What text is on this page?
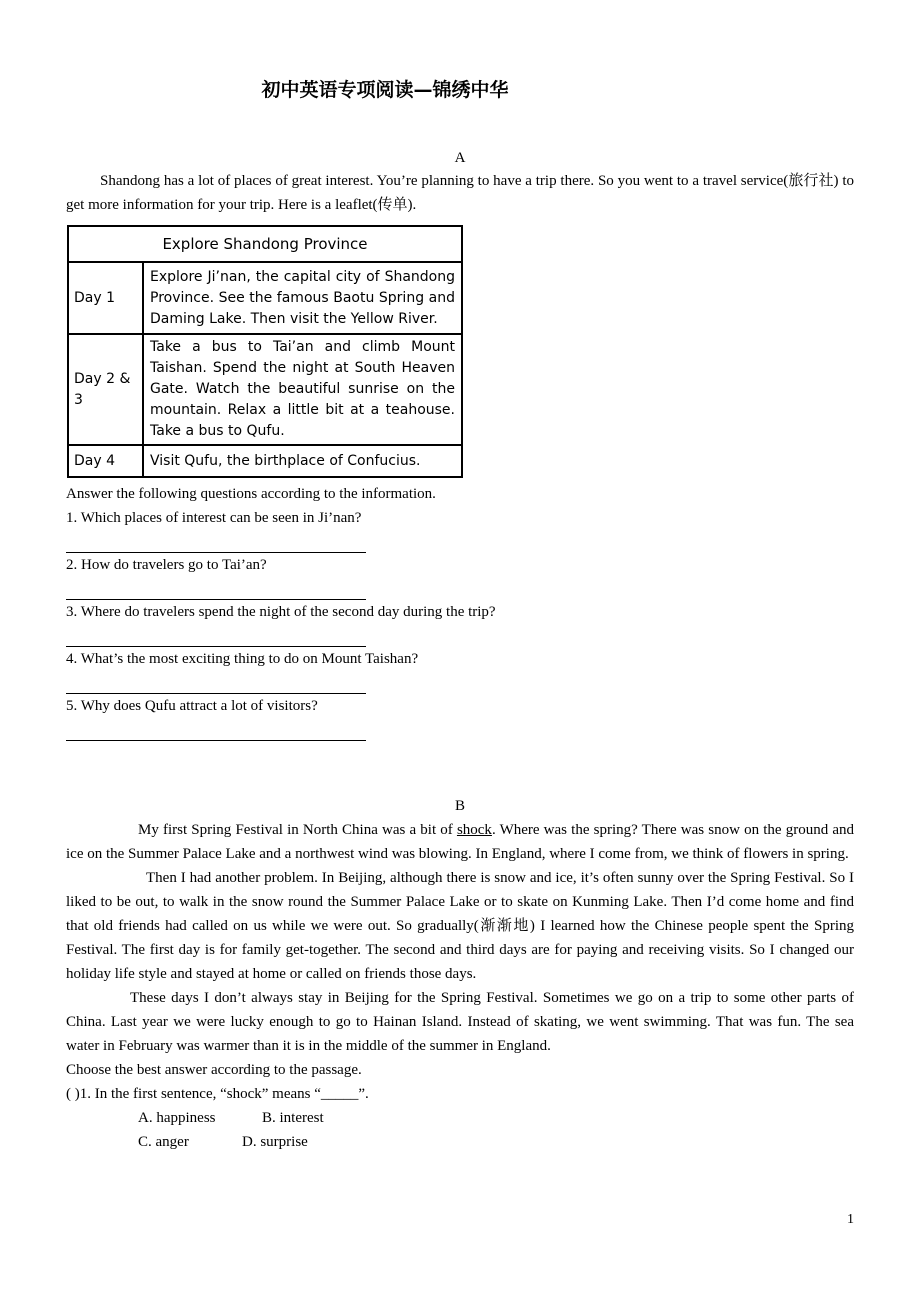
初中英语专项阅读—锦绣中华
A
Shandong has a lot of places of great interest. You’re planning to have a trip there. So you went to a travel service(旅行社) to get more information for your trip. Here is a leaflet(传单).
Explore Shandong Province	
Day 1	Explore Ji’nan, the capital city of Shandong Province. See the famous Baotu Spring and Daming Lake. Then visit the Yellow River.
Day 2 & 3	Take a bus to Tai’an and climb Mount Taishan. Spend the night at South Heaven Gate. Watch the beautiful sunrise on the mountain. Relax a little bit at a teahouse. Take a bus to Qufu.
Day 4	Visit Qufu, the birthplace of Confucius.
Answer the following questions according to the information.
1. Which places of interest can be seen in Ji’nan?
2. How do travelers go to Tai’an?
3. Where do travelers spend the night of the second day during the trip?
4. What’s the most exciting thing to do on Mount Taishan?
5. Why does Qufu attract a lot of visitors?
B
My first Spring Festival in North China was a bit of shock. Where was the spring? There was snow on the ground and ice on the Summer Palace Lake and a northwest wind was blowing. In England, where I come from, we think of flowers in spring.
Then I had another problem. In Beijing, although there is snow and ice, it’s often sunny over the Spring Festival. So I liked to be out, to walk in the snow round the Summer Palace Lake or to skate on Kunming Lake. Then I’d come home and find that old friends had called on us while we were out. So gradually(渐渐地) I learned how the Chinese people spent the Spring Festival. The first day is for family get-together. The second and third days are for paying and receiving visits. So I changed our holiday life style and stayed at home or called on friends those days.
These days I don’t always stay in Beijing for the Spring Festival. Sometimes we go on a trip to some other parts of China. Last year we were lucky enough to go to Hainan Island. Instead of skating, we went swimming. That was fun. The sea water in February was warmer than it is in the middle of the summer in England.
Choose the best answer according to the passage.
( )1. In the first sentence, “shock” means “_____”.
A. happiness	B. interest
C. anger	D. surprise
1
